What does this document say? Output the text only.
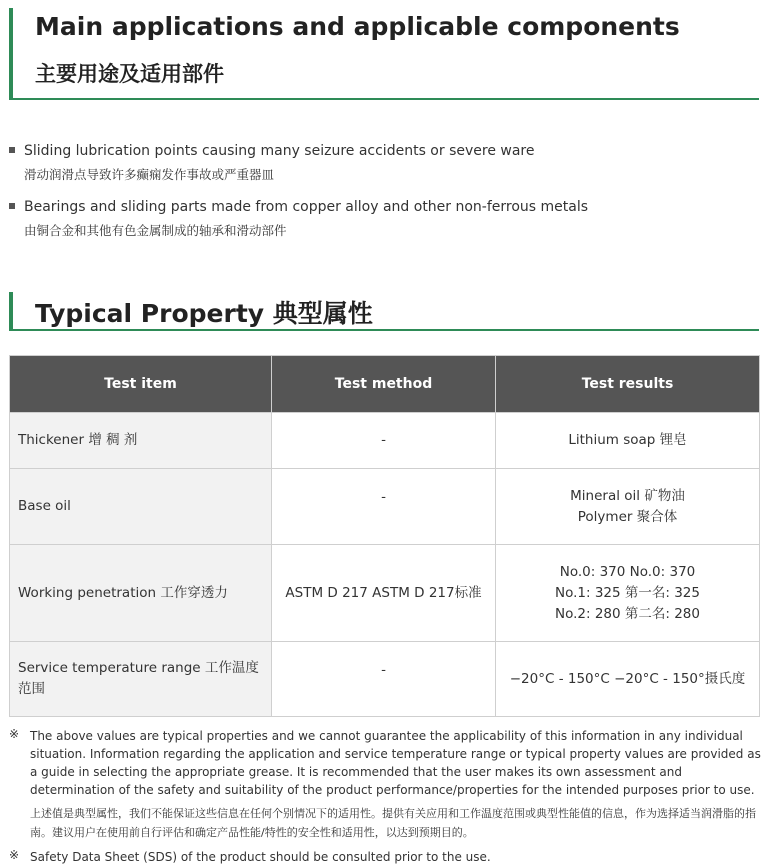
Main applications and applicable components
主要用途及适用部件
Sliding lubrication points causing many seizure accidents or severe ware
滑动润滑点导致许多癫痫发作事故或严重器皿
Bearings and sliding parts made from copper alloy and other non-ferrous metals
由铜合金和其他有色金属制成的轴承和滑动部件
Typical Property 典型属性
Test item	Test method	Test results
Thickener 增 稠 剂	-	Lithium soap 锂皂

Base oil	-	Mineral oil 矿物油
Polymer 聚合体

Working penetration 工作穿透力	ASTM D 217 ASTM D 217标准	No.0: 370 No.0: 370
No.1: 325 第一名: 325
No.2: 280 第二名: 280

Service temperature range 工作温度范围	-	−20°C - 150°C −20°C - 150°摄氏度
※ The above values are typical properties and we cannot guarantee the applicability of this information in any individual situation. Information regarding the application and service temperature range or typical property values are provided as a guide in selecting the appropriate grease. It is recommended that the user makes its own assessment and determination of the safety and suitability of the product performance/properties for the intended purposes prior to use.

上述值是典型属性，我们不能保证这些信息在任何个别情况下的适用性。提供有关应用和工作温度范围或典型性能值的信息，作为选择适当润滑脂的指南。建议用户在使用前自行评估和确定产品性能/特性的安全性和适用性，以达到预期目的。

※ Safety Data Sheet (SDS) of the product should be consulted prior to the use.
